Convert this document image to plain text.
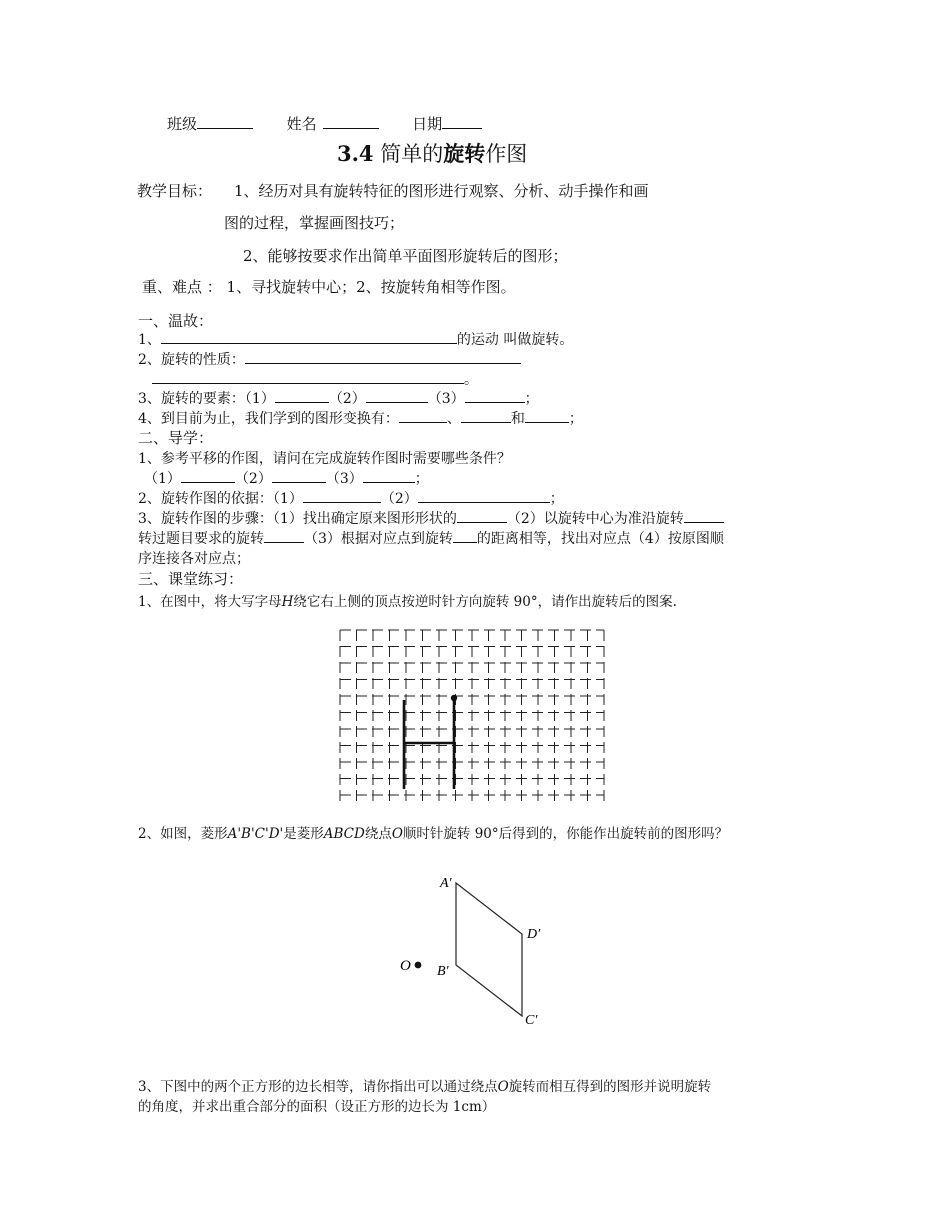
班级	姓名	日期
3.4 简单的旋转作图
教学目标： 1、经历对具有旋转特征的图形进行观察、分析、动手操作和画
图的过程，掌握画图技巧；
2、能够按要求作出简单平面图形旋转后的图形；
重、难点 ： 1、寻找旋转中心；2、按旋转角相等作图。
一、温故：
1、	的运动 叫做旋转。
2、旋转的性质：
。
3、旋转的要素：（1）	（2）	（3）	；
4、到目前为止，我们学到的图形变换有：	、	和	；
二、导学：
1、参考平移的作图，请问在完成旋转作图时需要哪些条件？
（1）	（2）	（3）	；
2、旋转作图的依据：（1）	（2）	；
3、旋转作图的步骤：（1）找出确定原来图形形状的	（2）以旋转中心为准沿旋转
转过题目要求的旋转	（3）根据对应点到旋转 的距离相等，找出对应点（4）按原图顺
序连接各对应点；
三、课堂练习：
1、在图中，将大写字母H绕它右上侧的顶点按逆时针方向旋转 90°，请作出旋转后的图案.
2、如图，菱形A'B'C'D'是菱形ABCD绕点O顺时针旋转 90°后得到的，你能作出旋转前的图形吗？
A′
B′
C′
D′
O
3、下图中的两个正方形的边长相等，请你指出可以通过绕点O旋转而相互得到的图形并说明旋转
的角度，并求出重合部分的面积（设正方形的边长为 1cm）
